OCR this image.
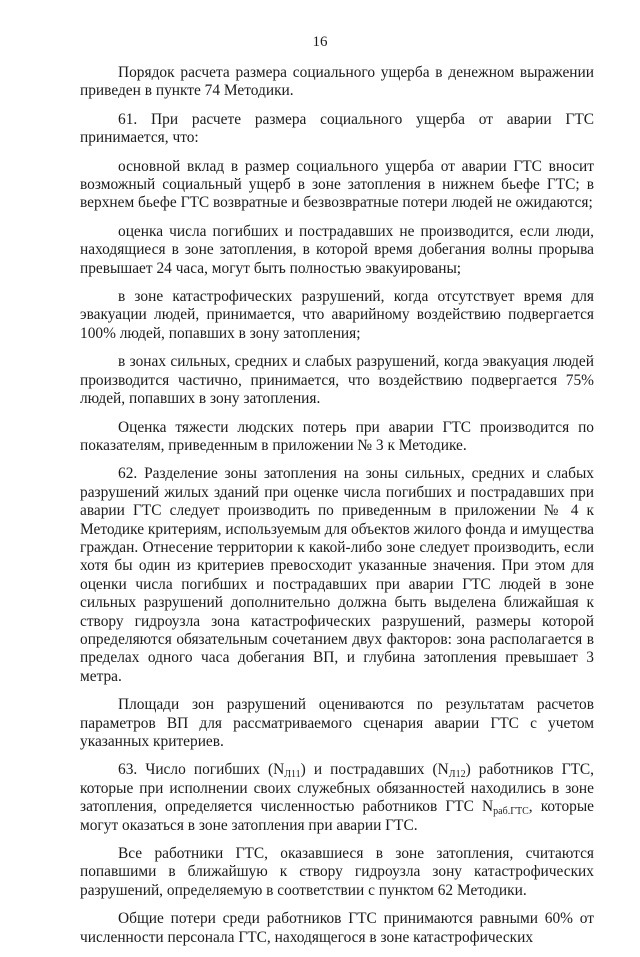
16

Порядок расчета размера социального ущерба в денежном выражении приведен в пункте 74 Методики.

61. При расчете размера социального ущерба от аварии ГТС принимается, что:

основной вклад в размер социального ущерба от аварии ГТС вносит возможный социальный ущерб в зоне затопления в нижнем бьефе ГТС; в верхнем бьефе ГТС возвратные и безвозвратные потери людей не ожидаются;

оценка числа погибших и пострадавших не производится, если люди, находящиеся в зоне затопления, в которой время добегания волны прорыва превышает 24 часа, могут быть полностью эвакуированы;

в зоне катастрофических разрушений, когда отсутствует время для эвакуации людей, принимается, что аварийному воздействию подвергается 100% людей, попавших в зону затопления;

в зонах сильных, средних и слабых разрушений, когда эвакуация людей производится частично, принимается, что воздействию подвергается 75% людей, попавших в зону затопления.

Оценка тяжести людских потерь при аварии ГТС производится по показателям, приведенным в приложении № 3 к Методике.

62. Разделение зоны затопления на зоны сильных, средних и слабых разрушений жилых зданий при оценке числа погибших и пострадавших при аварии ГТС следует производить по приведенным в приложении № 4 к Методике критериям, используемым для объектов жилого фонда и имущества граждан. Отнесение территории к какой-либо зоне следует производить, если хотя бы один из критериев превосходит указанные значения. При этом для оценки числа погибших и пострадавших при аварии ГТС людей в зоне сильных разрушений дополнительно должна быть выделена ближайшая к створу гидроузла зона катастрофических разрушений, размеры которой определяются обязательным сочетанием двух факторов: зона располагается в пределах одного часа добегания ВП, и глубина затопления превышает 3 метра.

Площади зон разрушений оцениваются по результатам расчетов параметров ВП для рассматриваемого сценария аварии ГТС с учетом указанных критериев.

63. Число погибших $(N_{Л11})$ и пострадавших $(N_{Л12})$ работников ГТС, которые при исполнении своих служебных обязанностей находились в зоне затопления, определяется численностью работников ГТС $N_{раб.ГТС}$, которые могут оказаться в зоне затопления при аварии ГТС.

Все работники ГТС, оказавшиеся в зоне затопления, считаются попавшими в ближайшую к створу гидроузла зону катастрофических разрушений, определяемую в соответствии с пунктом 62 Методики.

Общие потери среди работников ГТС принимаются равными 60% от численности персонала ГТС, находящегося в зоне катастрофических
